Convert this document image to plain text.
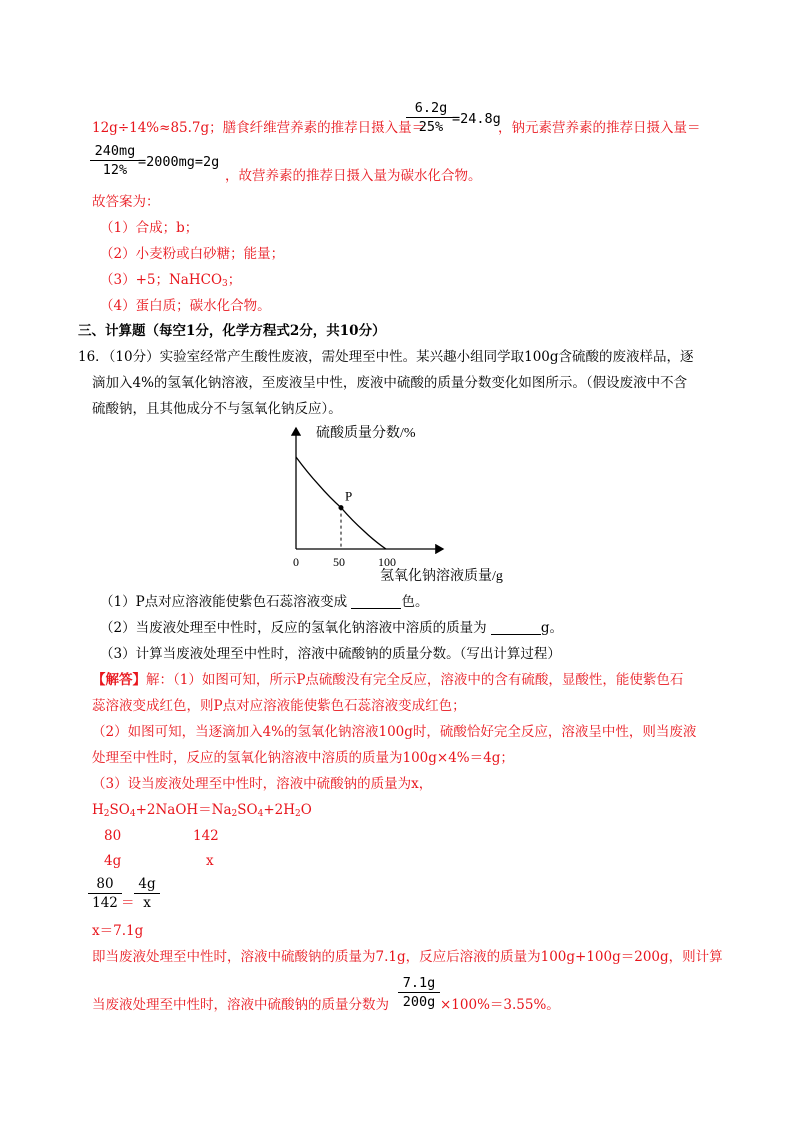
12g÷14%≈85.7g；膳食纤维营养素的推荐日摄入量＝
6.2g
25% =24.8g
，钠元素营养素的推荐日摄入量＝
240mg
12% =2000mg=2g
，故营养素的推荐日摄入量为碳水化合物。
故答案为：
（1）合成；b；
（2）小麦粉或白砂糖；能量；
（3）+5；NaHCO$_3$；
（4）蛋白质；碳水化合物。
三、计算题（每空1分，化学方程式2分，共10分）
16．（10分）实验室经常产生酸性废液，需处理至中性。某兴趣小组同学取100g含硫酸的废液样品，逐
滴加入4%的氢氧化钠溶液，至废液呈中性，废液中硫酸的质量分数变化如图所示。（假设废液中不含
硫酸钠，且其他成分不与氢氧化钠反应）。
P
硫酸质量分数/%
氢氧化钠溶液质量/g
0	50	100
（1）P点对应溶液能使紫色石蕊溶液变成	色。
（2）当废液处理至中性时，反应的氢氧化钠溶液中溶质的质量为	g。
（3）计算当废液处理至中性时，溶液中硫酸钠的质量分数。（写出计算过程）
【解答】解：（1）如图可知，所示P点硫酸没有完全反应，溶液中的含有硫酸，显酸性，能使紫色石
蕊溶液变成红色，则P点对应溶液能使紫色石蕊溶液变成红色；
（2）如图可知，当逐滴加入4%的氢氧化钠溶液100g时，硫酸恰好完全反应，溶液呈中性，则当废液
处理至中性时，反应的氢氧化钠溶液中溶质的质量为100g×4%＝4g；
（3）设当废液处理至中性时，溶液中硫酸钠的质量为x，
$H_2SO_4+2NaOH=Na_2SO_4+2H_2O$
80	142
4g	x
80
142 ＝
4g
x
x＝7.1g
即当废液处理至中性时，溶液中硫酸钠的质量为7.1g，反应后溶液的质量为100g+100g＝200g，则计算
当废液处理至中性时，溶液中硫酸钠的质量分数为
7.1g
200g ×100%＝3.55%。
